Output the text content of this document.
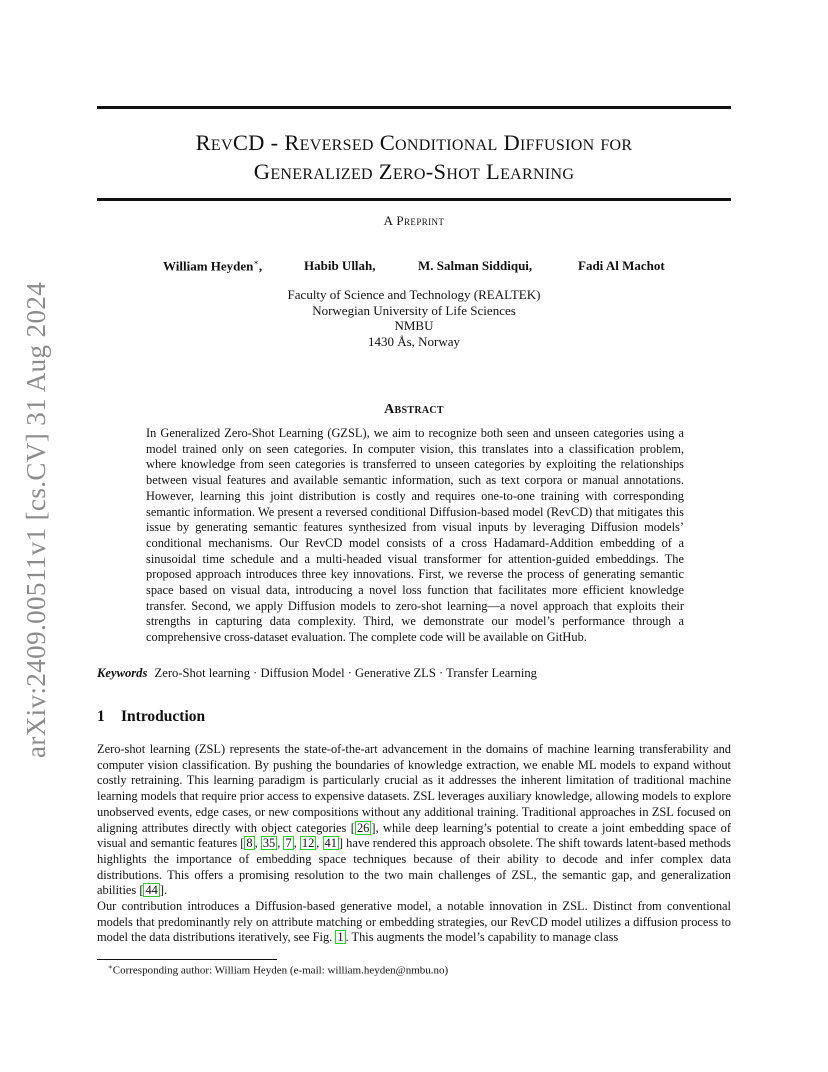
arXiv:2409.00511v1 [cs.CV] 31 Aug 2024
RevCD - Reversed Conditional Diffusion for
Generalized Zero-Shot Learning
A Preprint
William Heyden∗,	Habib Ullah,	M. Salman Siddiqui,	Fadi Al Machot
Faculty of Science and Technology (REALTEK)
Norwegian University of Life Sciences
NMBU
1430 Ås, Norway
Abstract
In Generalized Zero-Shot Learning (GZSL), we aim to recognize both seen and unseen categories using a model trained only on seen categories. In computer vision, this translates into a classification problem, where knowledge from seen categories is transferred to unseen categories by exploiting the relationships between visual features and available semantic information, such as text corpora or manual annotations. However, learning this joint distribution is costly and requires one-to-one training with corresponding semantic information. We present a reversed conditional Diffusion-based model (RevCD) that mitigates this issue by generating semantic features synthesized from visual inputs by leveraging Diffusion models’ conditional mechanisms. Our RevCD model consists of a cross Hadamard-Addition embedding of a sinusoidal time schedule and a multi-headed visual transformer for attention-guided embeddings. The proposed approach introduces three key innovations. First, we reverse the process of generating semantic space based on visual data, introducing a novel loss function that facilitates more efficient knowledge transfer. Second, we apply Diffusion models to zero-shot learning—a novel approach that exploits their strengths in capturing data complexity. Third, we demonstrate our model’s performance through a comprehensive cross-dataset evaluation. The complete code will be available on GitHub.
Keywords Zero-Shot learning · Diffusion Model · Generative ZLS · Transfer Learning
1 Introduction
Zero-shot learning (ZSL) represents the state-of-the-art advancement in the domains of machine learning transferability and computer vision classification. By pushing the boundaries of knowledge extraction, we enable ML models to expand without costly retraining. This learning paradigm is particularly crucial as it addresses the inherent limitation of traditional machine learning models that require prior access to expensive datasets. ZSL leverages auxiliary knowledge, allowing models to explore unobserved events, edge cases, or new compositions without any additional training. Traditional approaches in ZSL focused on aligning attributes directly with object categories [ 26 ], while deep learning’s potential to create a joint embedding space of visual and semantic features [ 8 , 35 , 7 , 12 , 41 ] have rendered this approach obsolete. The shift towards latent-based methods highlights the importance of embedding space techniques because of their ability to decode and infer complex data distributions. This offers a promising resolution to the two main challenges of ZSL, the semantic gap, and generalization abilities [ 44 ].
Our contribution introduces a Diffusion-based generative model, a notable innovation in ZSL. Distinct from conventional models that predominantly rely on attribute matching or embedding strategies, our RevCD model utilizes a diffusion process to model the data distributions iteratively, see Fig. 1 . This augments the model’s capability to manage class
∗Corresponding author: William Heyden (e-mail: william.heyden@nmbu.no)
